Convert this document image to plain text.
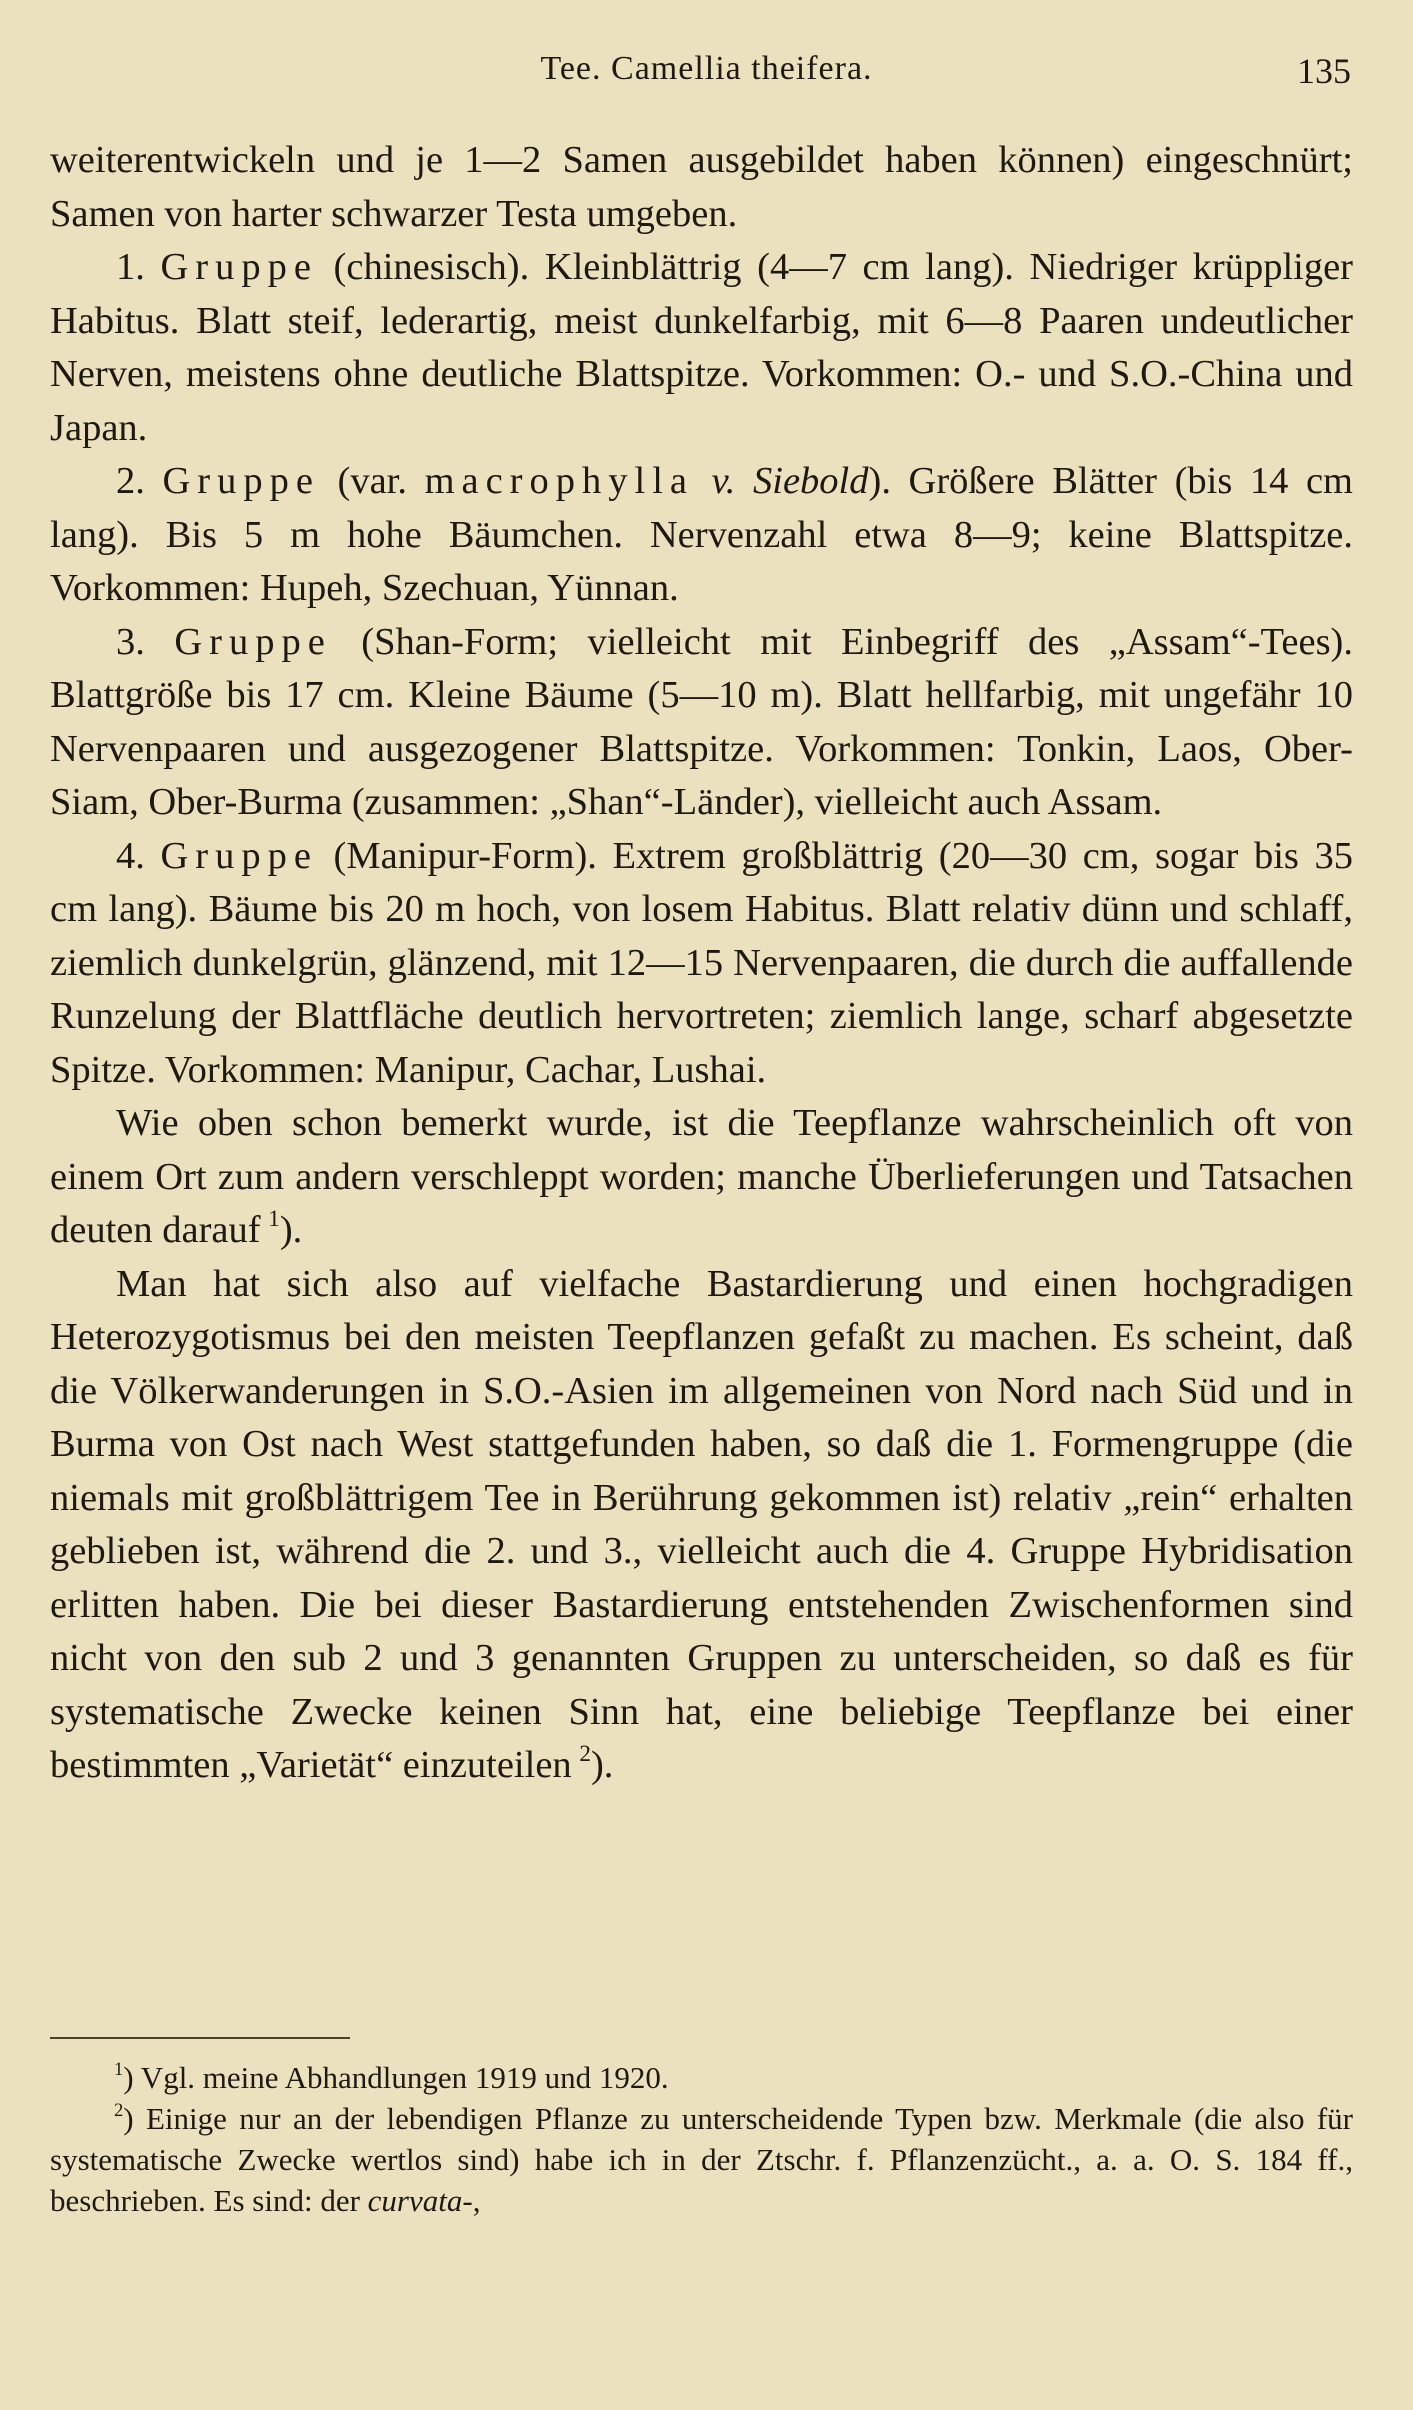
Tee. Camellia theifera.	135

weiterentwickeln und je 1—2 Samen ausgebildet haben können) eingeschnürt; Samen von harter schwarzer Testa umgeben.

1. Gruppe (chinesisch). Kleinblättrig (4—7 cm lang). Niedriger krüppliger Habitus. Blatt steif, lederartig, meist dunkelfarbig, mit 6—8 Paaren undeutlicher Nerven, meistens ohne deutliche Blattspitze. Vorkommen: O.- und S.O.-China und Japan.

2. Gruppe (var. macrophylla v. Siebold). Größere Blätter (bis 14 cm lang). Bis 5 m hohe Bäumchen. Nervenzahl etwa 8—9; keine Blattspitze. Vorkommen: Hupeh, Szechuan, Yünnan.

3. Gruppe (Shan-Form; vielleicht mit Einbegriff des „Assam“-Tees). Blattgröße bis 17 cm. Kleine Bäume (5—10 m). Blatt hellfarbig, mit ungefähr 10 Nervenpaaren und ausgezogener Blattspitze. Vorkommen: Tonkin, Laos, Ober-Siam, Ober-Burma (zusammen: „Shan“-Länder), vielleicht auch Assam.

4. Gruppe (Manipur-Form). Extrem großblättrig (20—30 cm, sogar bis 35 cm lang). Bäume bis 20 m hoch, von losem Habitus. Blatt relativ dünn und schlaff, ziemlich dunkelgrün, glänzend, mit 12—15 Nervenpaaren, die durch die auffallende Runzelung der Blattfläche deutlich hervortreten; ziemlich lange, scharf abgesetzte Spitze. Vorkommen: Manipur, Cachar, Lushai.

Wie oben schon bemerkt wurde, ist die Teepflanze wahrscheinlich oft von einem Ort zum andern verschleppt worden; manche Überlieferungen und Tatsachen deuten darauf  $^1$).

Man hat sich also auf vielfache Bastardierung und einen hochgradigen Heterozygotismus bei den meisten Teepflanzen gefaßt zu machen. Es scheint, daß die Völkerwanderungen in S.O.-Asien im allgemeinen von Nord nach Süd und in Burma von Ost nach West stattgefunden haben, so daß die 1. Formengruppe (die niemals mit großblättrigem Tee in Berührung gekommen ist) relativ „rein“ erhalten geblieben ist, während die 2. und 3., vielleicht auch die 4. Gruppe Hybridisation erlitten haben. Die bei dieser Bastardierung entstehenden Zwischenformen sind nicht von den sub 2 und 3 genannten Gruppen zu unterscheiden, so daß es für systematische Zwecke keinen Sinn hat, eine beliebige Teepflanze bei einer bestimmten „Varietät“ einzuteilen  $^2$).

$^1$) Vgl. meine Abhandlungen 1919 und 1920.

$^2$) Einige nur an der lebendigen Pflanze zu unterscheidende Typen bzw. Merkmale (die also für systematische Zwecke wertlos sind) habe ich in der Ztschr. f. Pflanzenzücht., a. a. O. S. 184 ff., beschrieben. Es sind: der curvata-,
